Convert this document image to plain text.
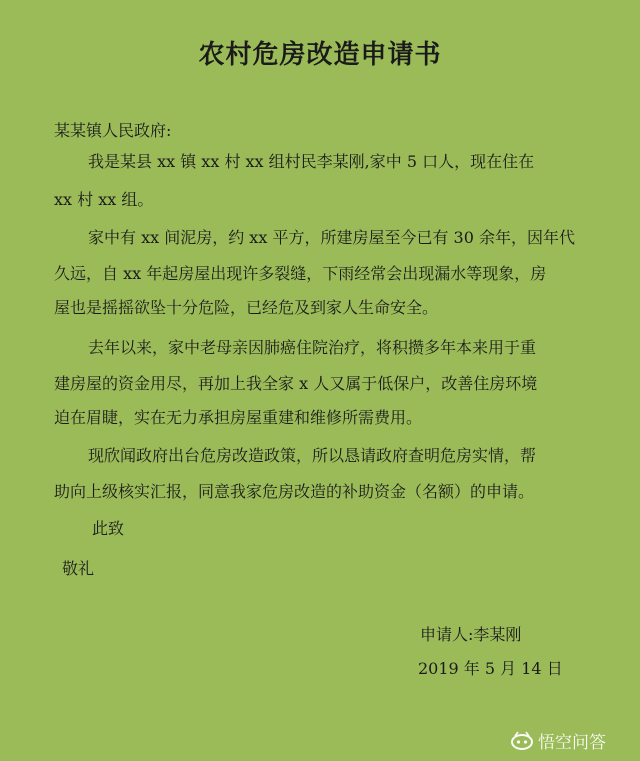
农村危房改造申请书
某某镇人民政府:
我是某县 xx 镇 xx 村 xx 组村民李某刚,家中 5 口人，现在住在
xx 村 xx 组。
家中有 xx 间泥房，约 xx 平方，所建房屋至今已有 30 余年，因年代
久远，自 xx 年起房屋出现许多裂缝，下雨经常会出现漏水等现象，房
屋也是摇摇欲坠十分危险，已经危及到家人生命安全。
去年以来，家中老母亲因肺癌住院治疗，将积攒多年本来用于重
建房屋的资金用尽，再加上我全家 x 人又属于低保户，改善住房环境
迫在眉睫，实在无力承担房屋重建和维修所需费用。
现欣闻政府出台危房改造政策，所以恳请政府查明危房实情，帮
助向上级核实汇报，同意我家危房改造的补助资金（名额）的申请。
此致
敬礼
申请人:李某刚
2019 年 5 月 14 日
悟空问答
